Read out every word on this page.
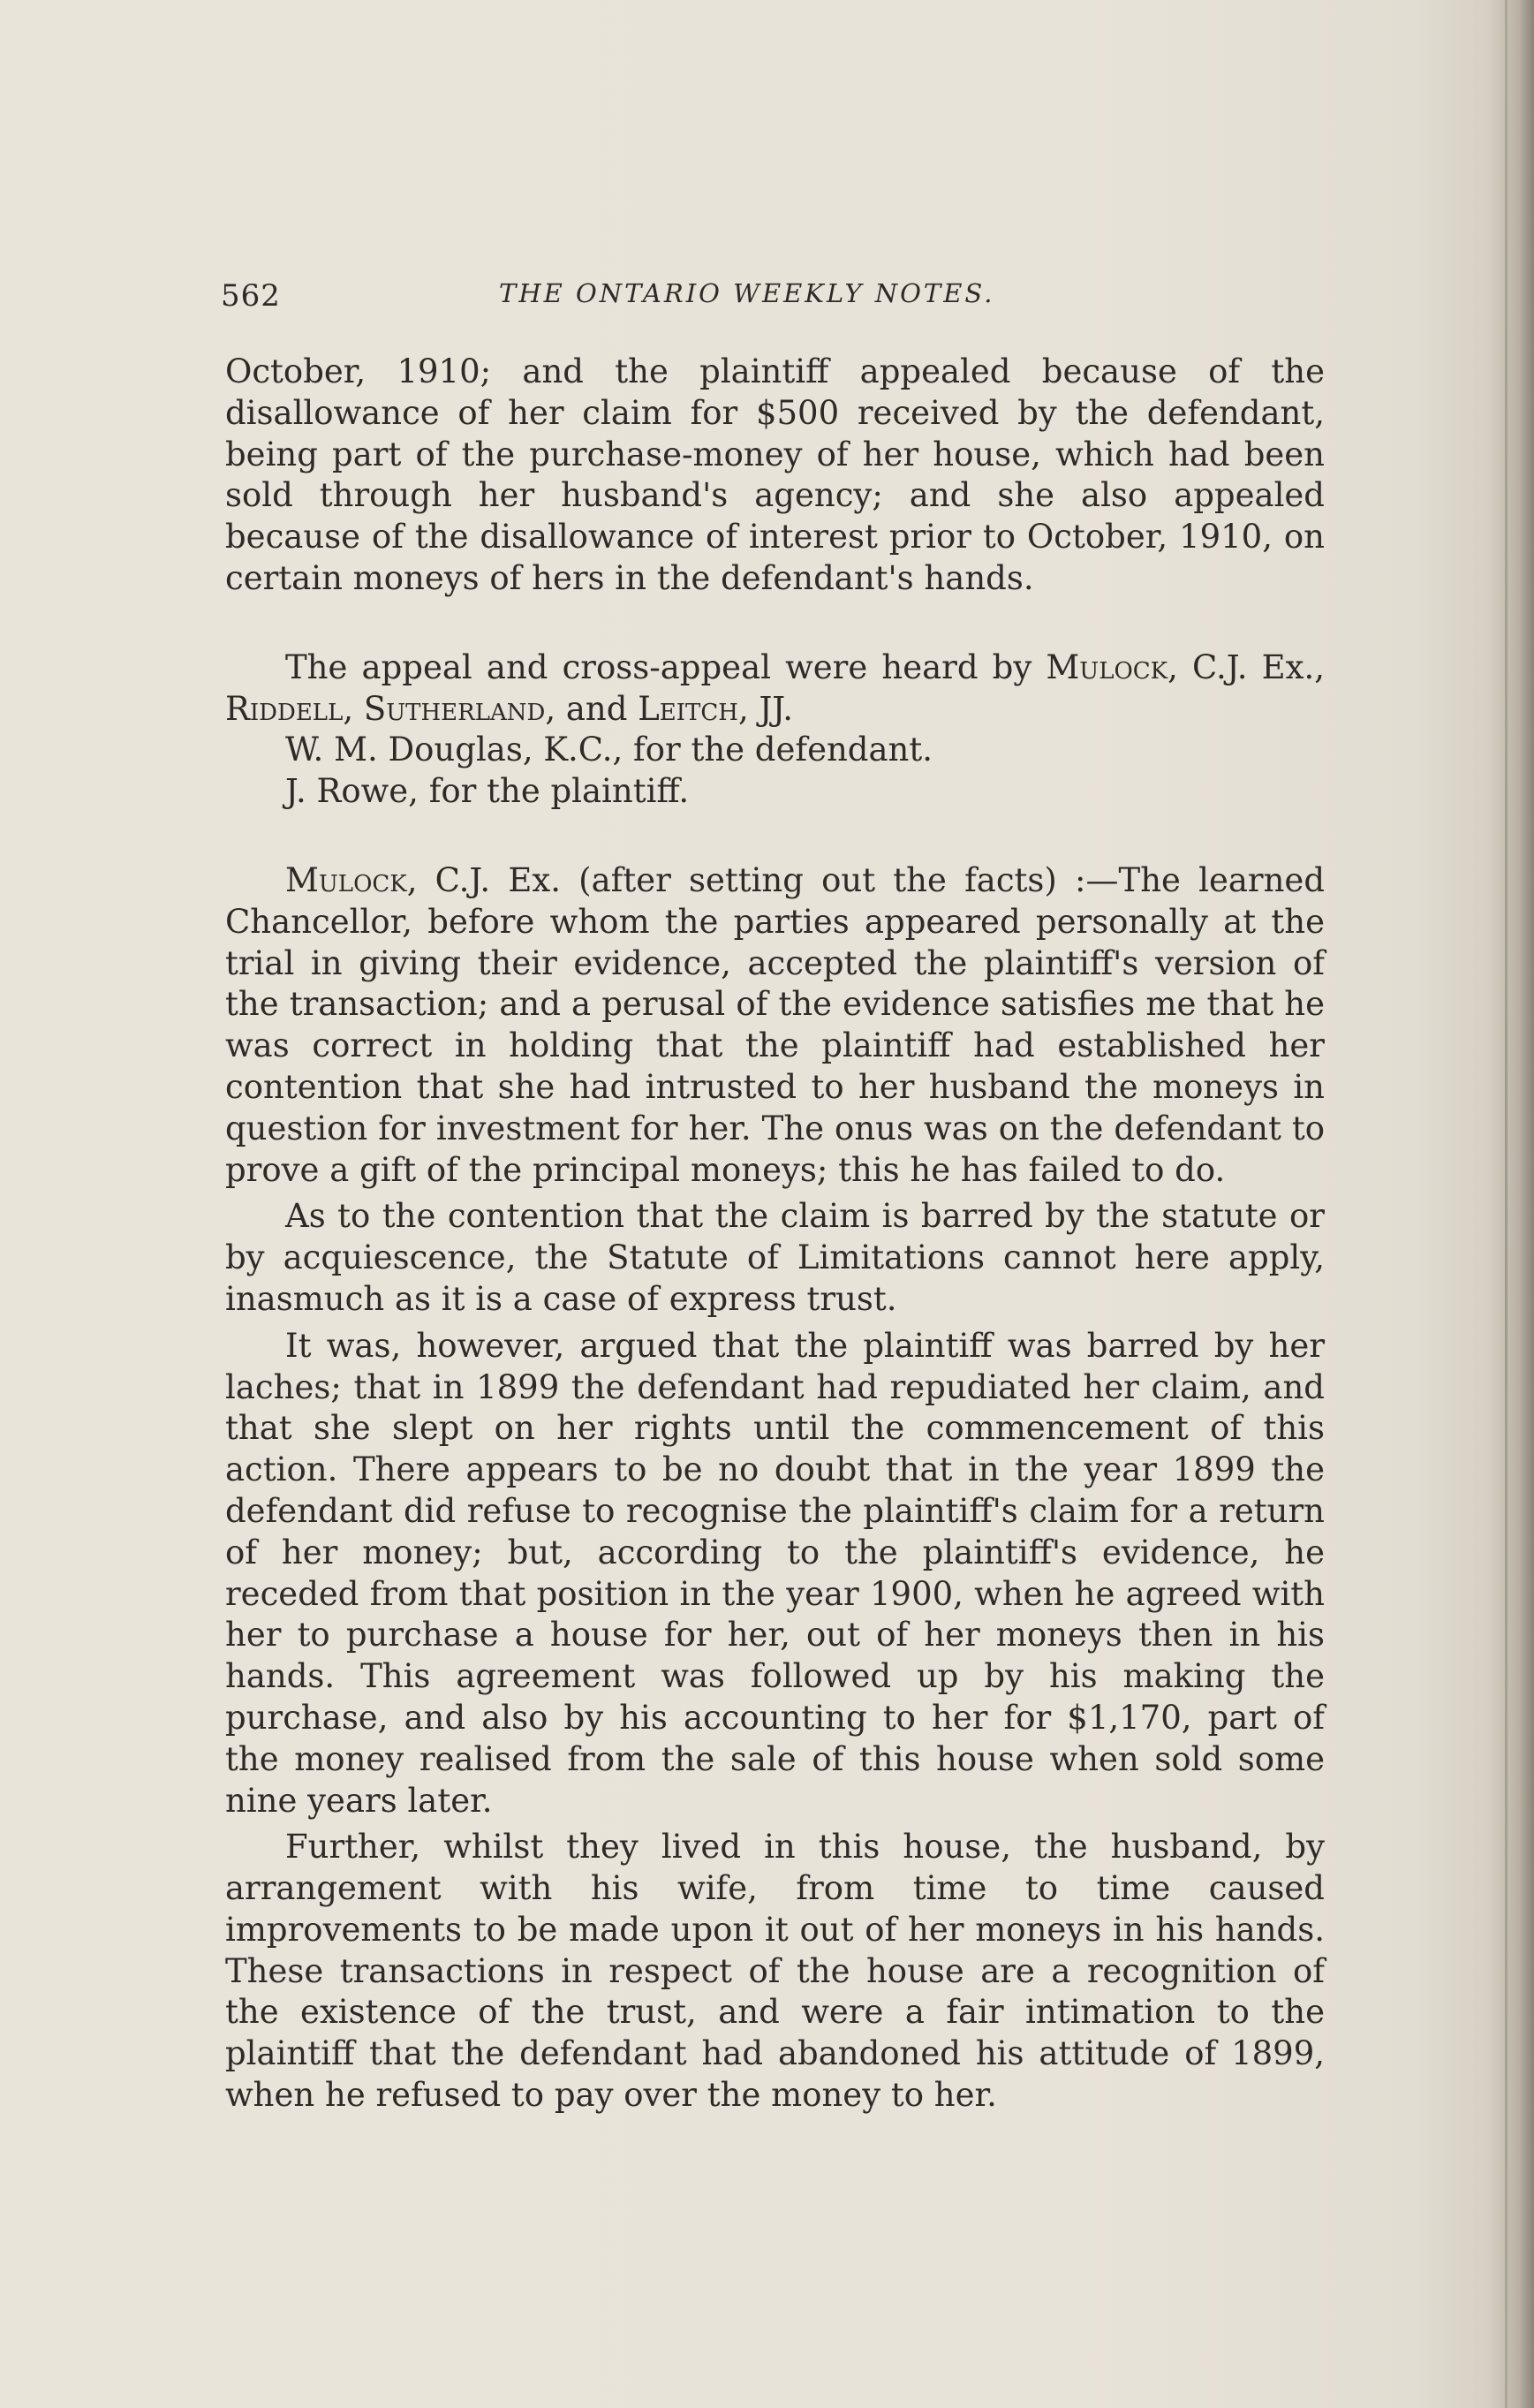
562	THE ONTARIO WEEKLY NOTES.

October, 1910; and the plaintiff appealed because of the disallowance of her claim for $500 received by the defendant, being part of the purchase-money of her house, which had been sold through her husband's agency; and she also appealed because of the disallowance of interest prior to October, 1910, on certain moneys of hers in the defendant's hands.

The appeal and cross-appeal were heard by Mulock, C.J. Ex., Riddell, Sutherland, and Leitch, JJ.

W. M. Douglas, K.C., for the defendant.

J. Rowe, for the plaintiff.

Mulock, C.J. Ex. (after setting out the facts) :—The learned Chancellor, before whom the parties appeared personally at the trial in giving their evidence, accepted the plaintiff's version of the transaction; and a perusal of the evidence satisfies me that he was correct in holding that the plaintiff had established her contention that she had intrusted to her husband the moneys in question for investment for her. The onus was on the defendant to prove a gift of the principal moneys; this he has failed to do.

As to the contention that the claim is barred by the statute or by acquiescence, the Statute of Limitations cannot here apply, inasmuch as it is a case of express trust.

It was, however, argued that the plaintiff was barred by her laches; that in 1899 the defendant had repudiated her claim, and that she slept on her rights until the commencement of this action. There appears to be no doubt that in the year 1899 the defendant did refuse to recognise the plaintiff's claim for a return of her money; but, according to the plaintiff's evidence, he receded from that position in the year 1900, when he agreed with her to purchase a house for her, out of her moneys then in his hands. This agreement was followed up by his making the purchase, and also by his accounting to her for $1,170, part of the money realised from the sale of this house when sold some nine years later.

Further, whilst they lived in this house, the husband, by arrangement with his wife, from time to time caused improvements to be made upon it out of her moneys in his hands. These transactions in respect of the house are a recognition of the existence of the trust, and were a fair intimation to the plaintiff that the defendant had abandoned his attitude of 1899, when he refused to pay over the money to her.
